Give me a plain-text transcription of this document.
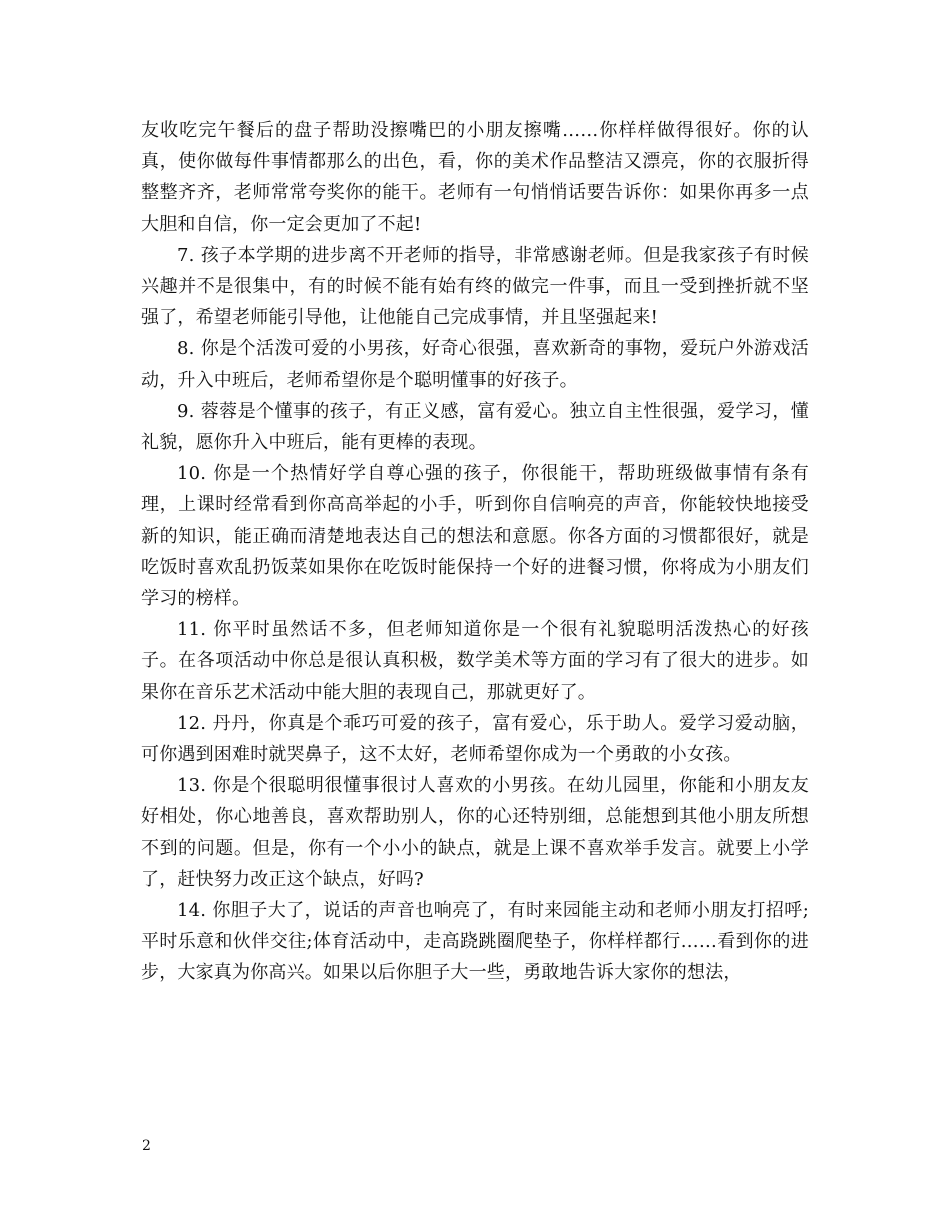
友收吃完午餐后的盘子帮助没擦嘴巴的小朋友擦嘴……你样样做得很好。你的认真，使你做每件事情都那么的出色，看，你的美术作品整洁又漂亮，你的衣服折得整整齐齐，老师常常夸奖你的能干。老师有一句悄悄话要告诉你：如果你再多一点大胆和自信，你一定会更加了不起!

7. 孩子本学期的进步离不开老师的指导，非常感谢老师。但是我家孩子有时候兴趣并不是很集中，有的时候不能有始有终的做完一件事，而且一受到挫折就不坚强了，希望老师能引导他，让他能自己完成事情，并且坚强起来!

8. 你是个活泼可爱的小男孩，好奇心很强，喜欢新奇的事物，爱玩户外游戏活动，升入中班后，老师希望你是个聪明懂事的好孩子。

9. 蓉蓉是个懂事的孩子，有正义感，富有爱心。独立自主性很强，爱学习，懂礼貌，愿你升入中班后，能有更棒的表现。

10. 你是一个热情好学自尊心强的孩子，你很能干，帮助班级做事情有条有理，上课时经常看到你高高举起的小手，听到你自信响亮的声音，你能较快地接受新的知识，能正确而清楚地表达自己的想法和意愿。你各方面的习惯都很好，就是吃饭时喜欢乱扔饭菜如果你在吃饭时能保持一个好的进餐习惯，你将成为小朋友们学习的榜样。

11. 你平时虽然话不多，但老师知道你是一个很有礼貌聪明活泼热心的好孩子。在各项活动中你总是很认真积极，数学美术等方面的学习有了很大的进步。如果你在音乐艺术活动中能大胆的表现自己，那就更好了。

12. 丹丹，你真是个乖巧可爱的孩子，富有爱心，乐于助人。爱学习爱动脑，可你遇到困难时就哭鼻子，这不太好，老师希望你成为一个勇敢的小女孩。

13. 你是个很聪明很懂事很讨人喜欢的小男孩。在幼儿园里，你能和小朋友友好相处，你心地善良，喜欢帮助别人，你的心还特别细，总能想到其他小朋友所想不到的问题。但是，你有一个小小的缺点，就是上课不喜欢举手发言。就要上小学了，赶快努力改正这个缺点，好吗?

14. 你胆子大了，说话的声音也响亮了，有时来园能主动和老师小朋友打招呼;平时乐意和伙伴交往;体育活动中，走高跷跳圈爬垫子，你样样都行……看到你的进步，大家真为你高兴。如果以后你胆子大一些，勇敢地告诉大家你的想法，

2
